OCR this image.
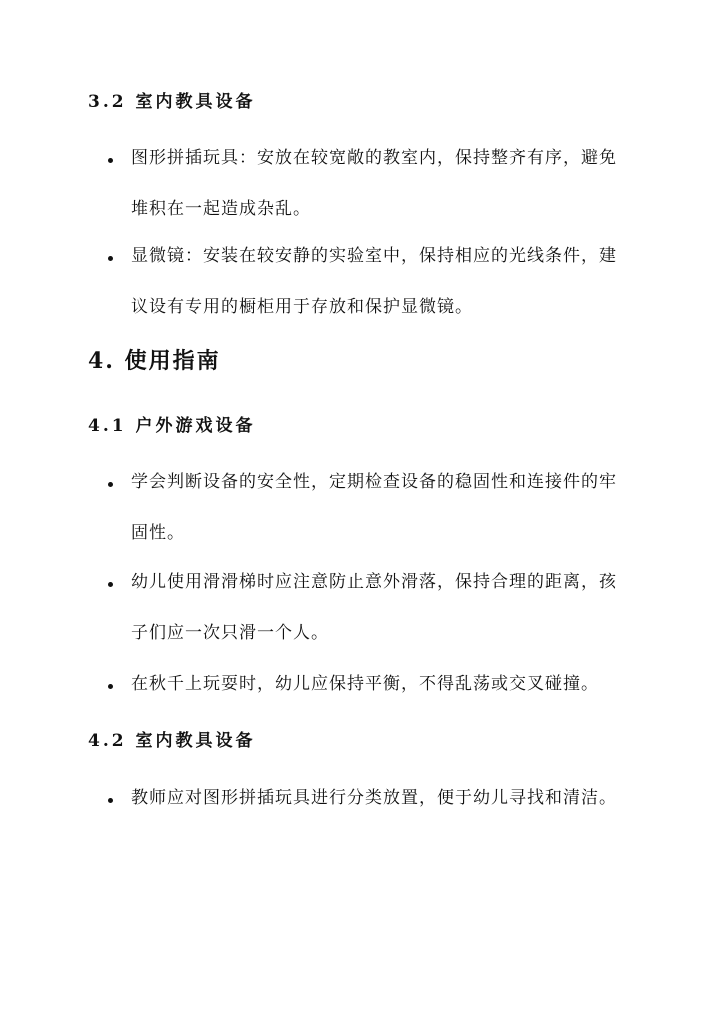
3.2 室内教具设备
图形拼插玩具：安放在较宽敞的教室内，保持整齐有序，避免堆积在一起造成杂乱。
显微镜：安装在较安静的实验室中，保持相应的光线条件，建议设有专用的橱柜用于存放和保护显微镜。
4. 使用指南
4.1 户外游戏设备
学会判断设备的安全性，定期检查设备的稳固性和连接件的牢固性。
幼儿使用滑滑梯时应注意防止意外滑落，保持合理的距离，孩子们应一次只滑一个人。
在秋千上玩耍时，幼儿应保持平衡，不得乱荡或交叉碰撞。
4.2 室内教具设备
教师应对图形拼插玩具进行分类放置，便于幼儿寻找和清洁。
